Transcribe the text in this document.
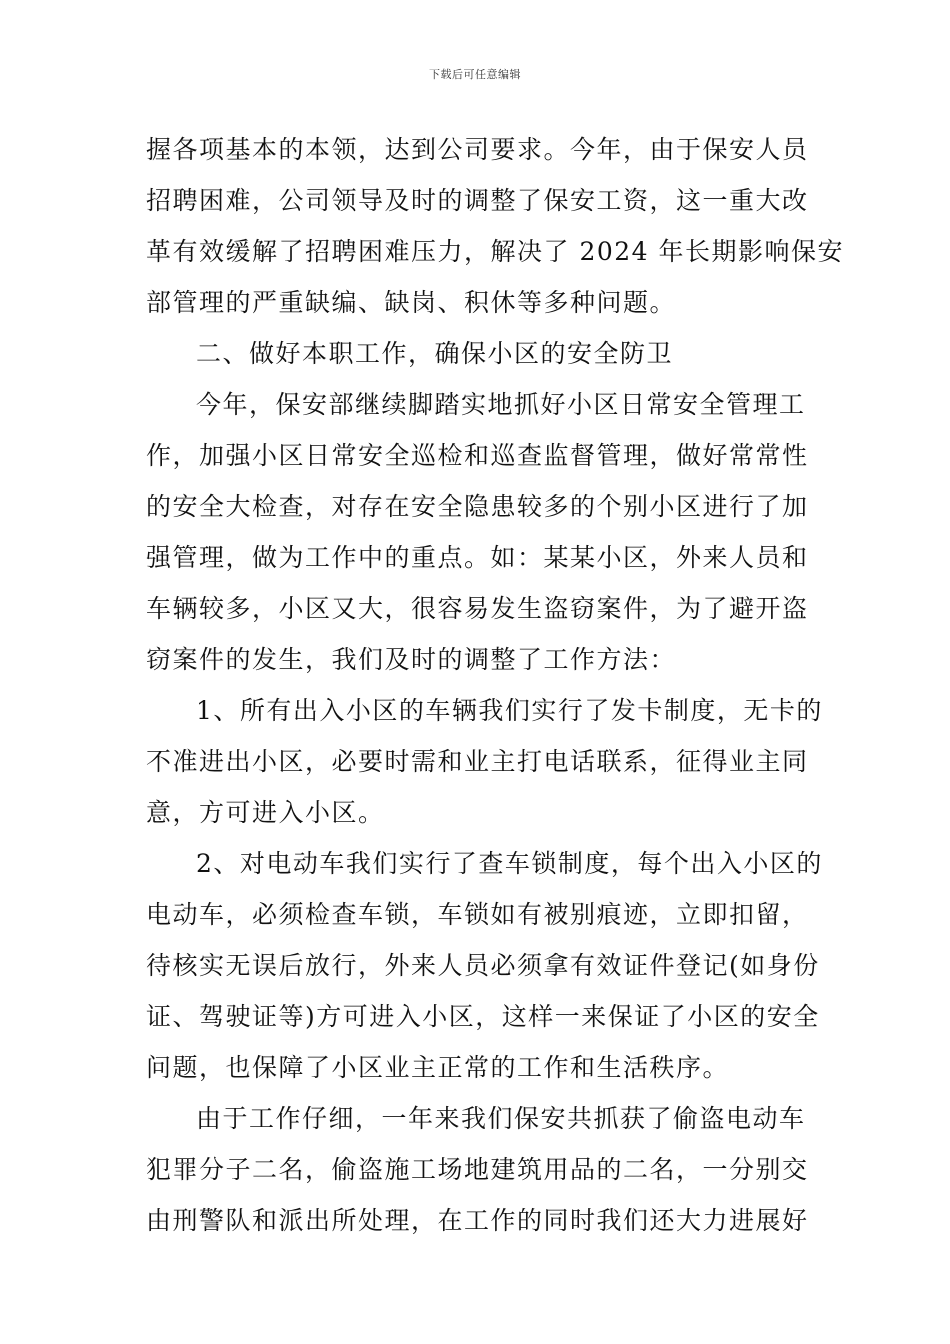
下载后可任意编辑
握各项基本的本领，达到公司要求。今年，由于保安人员
招聘困难，公司领导及时的调整了保安工资，这一重大改
革有效缓解了招聘困难压力，解决了 2024 年长期影响保安
部管理的严重缺编、缺岗、积休等多种问题。
二、做好本职工作，确保小区的安全防卫
今年，保安部继续脚踏实地抓好小区日常安全管理工
作，加强小区日常安全巡检和巡查监督管理，做好常常性
的安全大检查，对存在安全隐患较多的个别小区进行了加
强管理，做为工作中的重点。如：某某小区，外来人员和
车辆较多，小区又大，很容易发生盗窃案件，为了避开盗
窃案件的发生，我们及时的调整了工作方法：
1、所有出入小区的车辆我们实行了发卡制度，无卡的
不准进出小区，必要时需和业主打电话联系，征得业主同
意，方可进入小区。
2、对电动车我们实行了查车锁制度，每个出入小区的
电动车，必须检查车锁，车锁如有被别痕迹，立即扣留，
待核实无误后放行，外来人员必须拿有效证件登记(如身份
证、驾驶证等)方可进入小区，这样一来保证了小区的安全
问题，也保障了小区业主正常的工作和生活秩序。
由于工作仔细，一年来我们保安共抓获了偷盗电动车
犯罪分子二名，偷盗施工场地建筑用品的二名，一分别交
由刑警队和派出所处理，在工作的同时我们还大力进展好
